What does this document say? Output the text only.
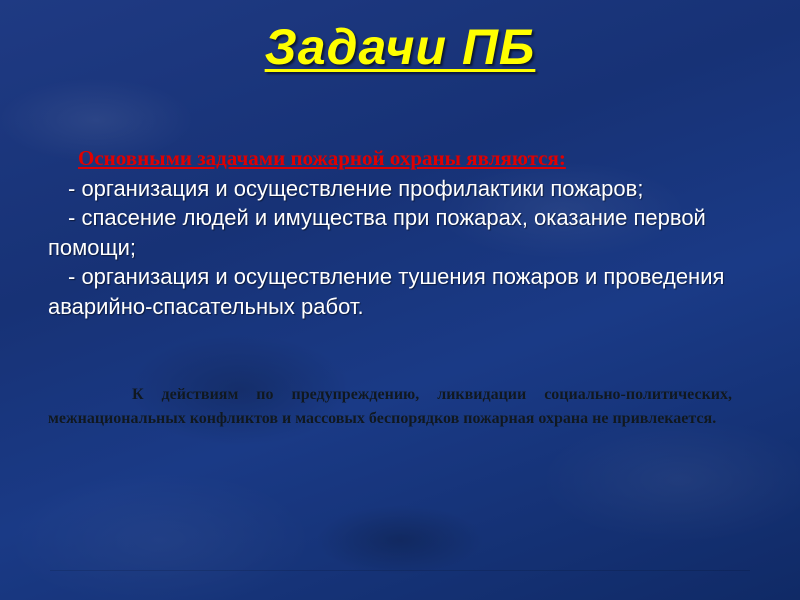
Задачи ПБ
Основными задачами пожарной охраны являются:
- организация и осуществление профилактики пожаров;
- спасение людей и имущества при пожарах, оказание первой помощи;
- организация и осуществление тушения пожаров и проведения аварийно-спасательных работ.
К действиям по предупреждению, ликвидации социально-политических, межнациональных конфликтов и массовых беспорядков пожарная охрана не привлекается.
